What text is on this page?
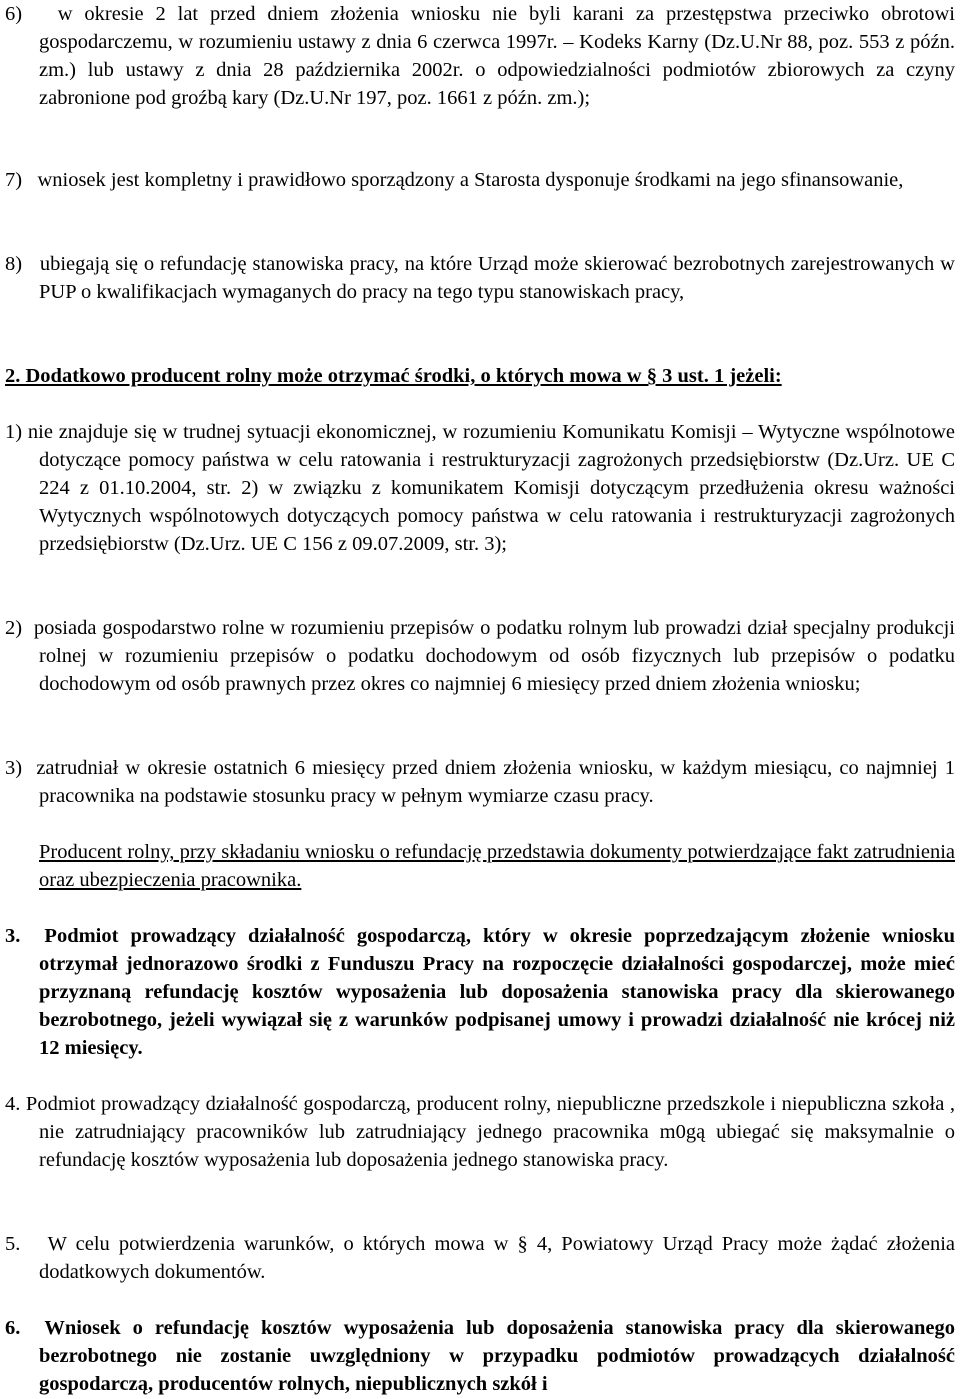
6)   w okresie 2 lat przed dniem złożenia wniosku nie byli karani za przestępstwa przeciwko obrotowi gospodarczemu, w rozumieniu ustawy z dnia 6 czerwca 1997r. – Kodeks Karny (Dz.U.Nr 88, poz. 553 z późn. zm.) lub ustawy z dnia 28 października 2002r. o odpowiedzialności podmiotów zbiorowych za czyny zabronione pod groźbą kary (Dz.U.Nr 197, poz. 1661 z późn. zm.);

7)   wniosek jest kompletny i prawidłowo sporządzony a Starosta dysponuje środkami na jego sfinansowanie,

8)   ubiegają się o refundację stanowiska pracy, na które Urząd może skierować bezrobotnych zarejestrowanych w PUP o kwalifikacjach wymaganych do pracy na tego typu stanowiskach pracy,

2. Dodatkowo producent rolny może otrzymać środki, o których mowa w § 3 ust. 1 jeżeli:

1) nie znajduje się w trudnej sytuacji ekonomicznej, w rozumieniu Komunikatu Komisji – Wytyczne wspólnotowe dotyczące pomocy państwa w celu ratowania i restrukturyzacji zagrożonych przedsiębiorstw (Dz.Urz. UE C 224 z 01.10.2004, str. 2) w związku z komunikatem Komisji dotyczącym przedłużenia okresu ważności Wytycznych wspólnotowych dotyczących pomocy państwa w celu ratowania i restrukturyzacji zagrożonych przedsiębiorstw (Dz.Urz. UE C 156 z 09.07.2009, str. 3);

2)  posiada gospodarstwo rolne w rozumieniu przepisów o podatku rolnym lub prowadzi dział specjalny produkcji rolnej w rozumieniu przepisów o podatku dochodowym od osób fizycznych lub przepisów o podatku dochodowym od osób prawnych przez okres co najmniej 6 miesięcy przed dniem złożenia wniosku;

3)  zatrudniał w okresie ostatnich 6 miesięcy przed dniem złożenia wniosku, w każdym miesiącu, co najmniej 1 pracownika na podstawie stosunku pracy w pełnym wymiarze czasu pracy.

Producent rolny, przy składaniu wniosku o refundację przedstawia dokumenty potwierdzające fakt zatrudnienia oraz ubezpieczenia pracownika.

3.  Podmiot prowadzący działalność gospodarczą, który w okresie poprzedzającym złożenie wniosku otrzymał jednorazowo środki z Funduszu Pracy na rozpoczęcie działalności gospodarczej, może mieć przyznaną refundację kosztów wyposażenia lub doposażenia stanowiska pracy dla skierowanego bezrobotnego, jeżeli wywiązał się z warunków podpisanej umowy i prowadzi działalność nie krócej niż 12 miesięcy.

4. Podmiot prowadzący działalność gospodarczą, producent rolny, niepubliczne przedszkole i niepubliczna szkoła , nie zatrudniający pracowników lub zatrudniający jednego pracownika m0gą ubiegać się maksymalnie o refundację kosztów wyposażenia lub doposażenia jednego stanowiska pracy.

5.   W celu potwierdzenia warunków, o których mowa w § 4, Powiatowy Urząd Pracy może żądać złożenia dodatkowych dokumentów.

6.  Wniosek o refundację kosztów wyposażenia lub doposażenia stanowiska pracy dla skierowanego bezrobotnego nie zostanie uwzględniony w przypadku podmiotów prowadzących działalność gospodarczą, producentów rolnych, niepublicznych szkół i
